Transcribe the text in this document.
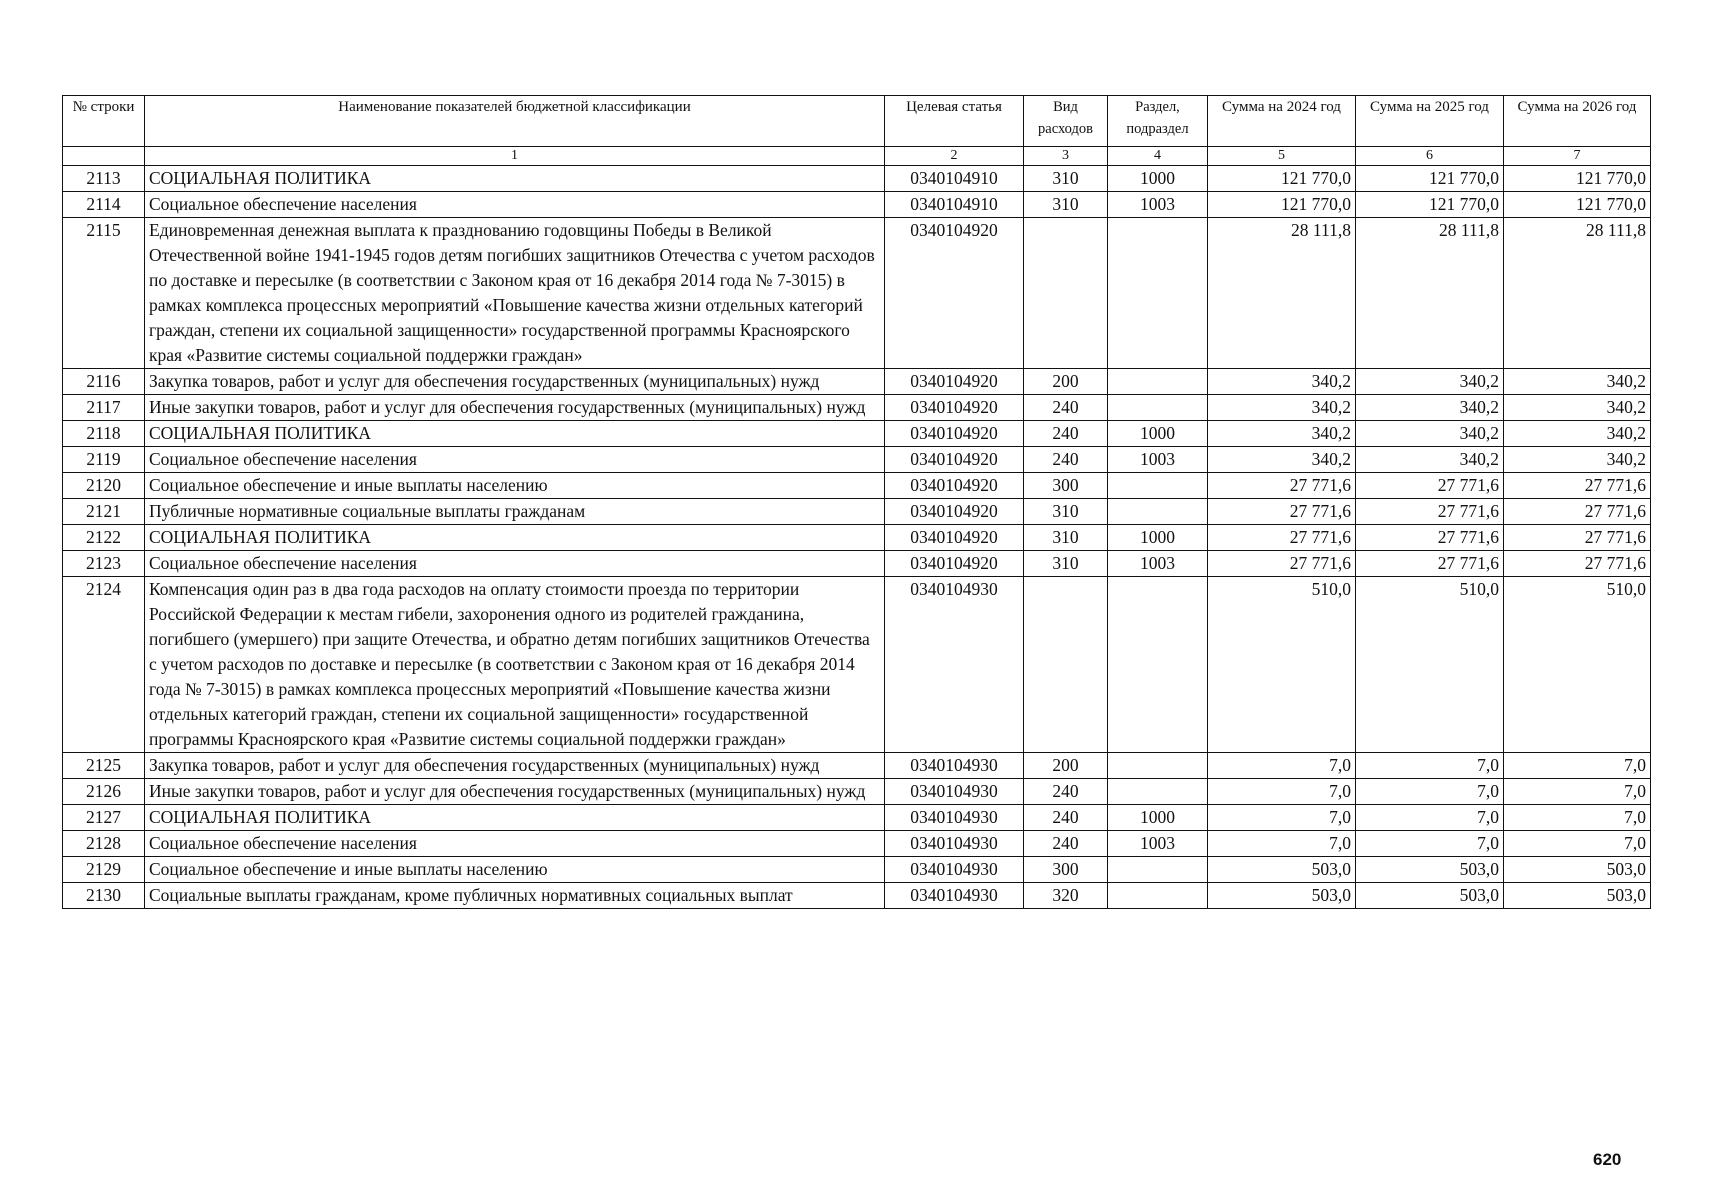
№ строки	Наименование показателей бюджетной классификации	Целевая статья	Вид расходов	Раздел, подраздел	Сумма на 2024 год	Сумма на 2025 год	Сумма на 2026 год
	1	2	3	4	5	6	7
2113	СОЦИАЛЬНАЯ ПОЛИТИКА	0340104910	310	1000	121 770,0	121 770,0	121 770,0
2114	Социальное обеспечение населения	0340104910	310	1003	121 770,0	121 770,0	121 770,0
2115	Единовременная денежная выплата к празднованию годовщины Победы в Великой Отечественной войне 1941-1945 годов детям погибших защитников Отечества с учетом расходов по доставке и пересылке (в соответствии с Законом края от 16 декабря 2014 года № 7-3015) в рамках комплекса процессных мероприятий «Повышение качества жизни отдельных категорий граждан, степени их социальной защищенности» государственной программы Красноярского края «Развитие системы социальной поддержки граждан»	0340104920			28 111,8	28 111,8	28 111,8
2116	Закупка товаров, работ и услуг для обеспечения государственных (муниципальных) нужд	0340104920	200		340,2	340,2	340,2
2117	Иные закупки товаров, работ и услуг для обеспечения государственных (муниципальных) нужд	0340104920	240		340,2	340,2	340,2
2118	СОЦИАЛЬНАЯ ПОЛИТИКА	0340104920	240	1000	340,2	340,2	340,2
2119	Социальное обеспечение населения	0340104920	240	1003	340,2	340,2	340,2
2120	Социальное обеспечение и иные выплаты населению	0340104920	300		27 771,6	27 771,6	27 771,6
2121	Публичные нормативные социальные выплаты гражданам	0340104920	310		27 771,6	27 771,6	27 771,6
2122	СОЦИАЛЬНАЯ ПОЛИТИКА	0340104920	310	1000	27 771,6	27 771,6	27 771,6
2123	Социальное обеспечение населения	0340104920	310	1003	27 771,6	27 771,6	27 771,6
2124	Компенсация один раз в два года расходов на оплату стоимости проезда по территории Российской Федерации к местам гибели, захоронения одного из родителей гражданина, погибшего (умершего) при защите Отечества, и обратно детям погибших защитников Отечества с учетом расходов по доставке и пересылке (в соответствии с Законом края от 16 декабря 2014 года № 7-3015) в рамках комплекса процессных мероприятий «Повышение качества жизни отдельных категорий граждан, степени их социальной защищенности» государственной программы Красноярского края «Развитие системы социальной поддержки граждан»	0340104930			510,0	510,0	510,0
2125	Закупка товаров, работ и услуг для обеспечения государственных (муниципальных) нужд	0340104930	200		7,0	7,0	7,0
2126	Иные закупки товаров, работ и услуг для обеспечения государственных (муниципальных) нужд	0340104930	240		7,0	7,0	7,0
2127	СОЦИАЛЬНАЯ ПОЛИТИКА	0340104930	240	1000	7,0	7,0	7,0
2128	Социальное обеспечение населения	0340104930	240	1003	7,0	7,0	7,0
2129	Социальное обеспечение и иные выплаты населению	0340104930	300		503,0	503,0	503,0
2130	Социальные выплаты гражданам, кроме публичных нормативных социальных выплат	0340104930	320		503,0	503,0	503,0
620
